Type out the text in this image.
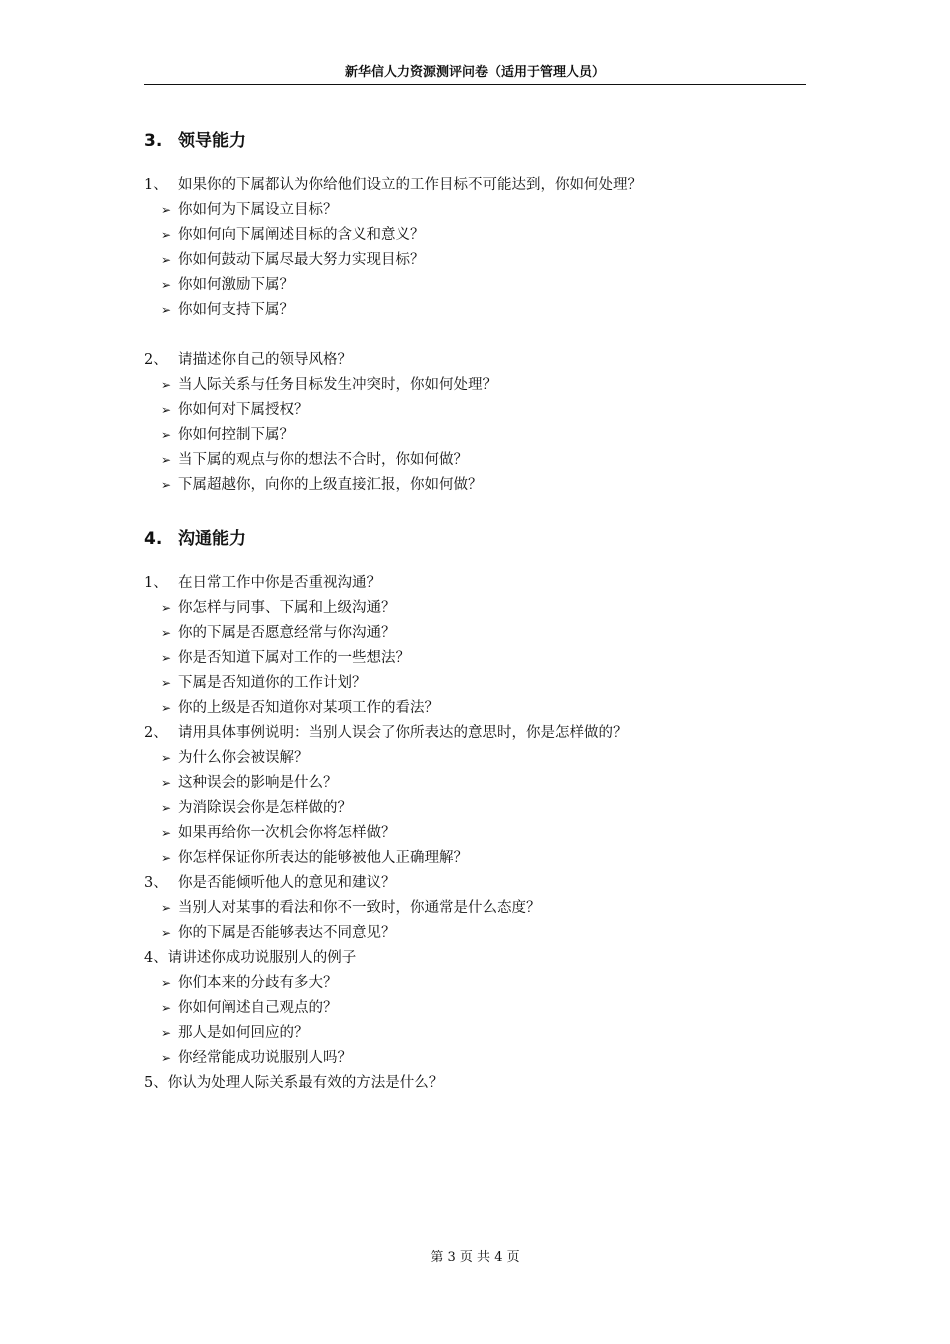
新华信人力资源测评问卷（适用于管理人员）
3. 领导能力
1、 如果你的下属都认为你给他们设立的工作目标不可能达到，你如何处理？
➢ 你如何为下属设立目标？
➢ 你如何向下属阐述目标的含义和意义？
➢ 你如何鼓动下属尽最大努力实现目标？
➢ 你如何激励下属？
➢ 你如何支持下属？
2、 请描述你自己的领导风格？
➢ 当人际关系与任务目标发生冲突时，你如何处理？
➢ 你如何对下属授权？
➢ 你如何控制下属？
➢ 当下属的观点与你的想法不合时，你如何做？
➢ 下属超越你，向你的上级直接汇报，你如何做？
4. 沟通能力
1、 在日常工作中你是否重视沟通？
➢ 你怎样与同事、下属和上级沟通？
➢ 你的下属是否愿意经常与你沟通？
➢ 你是否知道下属对工作的一些想法？
➢ 下属是否知道你的工作计划？
➢ 你的上级是否知道你对某项工作的看法？
2、 请用具体事例说明：当别人误会了你所表达的意思时，你是怎样做的？
➢ 为什么你会被误解？
➢ 这种误会的影响是什么？
➢ 为消除误会你是怎样做的？
➢ 如果再给你一次机会你将怎样做？
➢ 你怎样保证你所表达的能够被他人正确理解？
3、 你是否能倾听他人的意见和建议？
➢ 当别人对某事的看法和你不一致时，你通常是什么态度？
➢ 你的下属是否能够表达不同意见？
4、请讲述你成功说服别人的例子
➢ 你们本来的分歧有多大？
➢ 你如何阐述自己观点的？
➢ 那人是如何回应的？
➢ 你经常能成功说服别人吗？
5、你认为处理人际关系最有效的方法是什么？
第 3 页 共 4 页
